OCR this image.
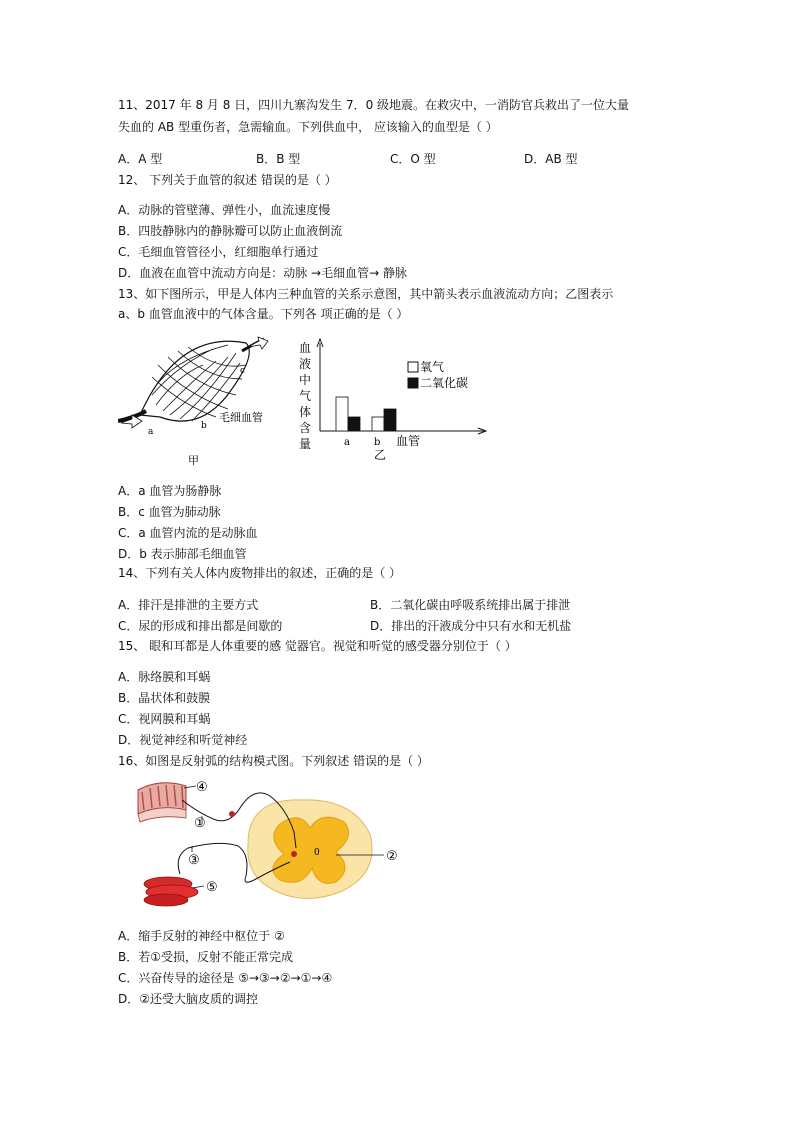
11、2017 年 8 月 8 日，四川九寨沟发生 7．0 级地震。在救灾中，一消防官兵救出了一位大量
失血的 AB 型重伤者，急需输血。下列供血中， 应该输入的血型是（ ）
A．A 型	B．B 型	C．O 型	D．AB 型
12、 下列关于血管的叙述 错误的是（ ）
A．动脉的管壁薄、弹性小，血流速度慢
B．四肢静脉内的静脉瓣可以防止血液倒流
C．毛细血管管径小，红细胞单行通过
D．血液在血管中流动方向是：动脉 →毛细血管→ 静脉
13、如下图所示，甲是人体内三种血管的关系示意图，其中箭头表示血液流动方向；乙图表示
a、b 血管血液中的气体含量。下列各 项正确的是（ ）
a
b
c
毛细血管
甲
血
液
中
气
体
含
量	a b 血管
乙
氧气
二氧化碳
A．a 血管为肠静脉
B．c 血管为肺动脉
C．a 血管内流的是动脉血
D．b 表示肺部毛细血管
14、下列有关人体内废物排出的叙述，正确的是（ ）
A．排汗是排泄的主要方式	B．二氧化碳由呼吸系统排出属于排泄
C．尿的形成和排出都是间歇的	D．排出的汗液成分中只有水和无机盐
15、 眼和耳都是人体重要的感 觉器官。视觉和听觉的感受器分别位于（ ）
A．脉络膜和耳蜗
B．晶状体和鼓膜
C．视网膜和耳蜗
D．视觉神经和听觉神经
16、如图是反射弧的结构模式图。下列叙述 错误的是（ ）
④
0	②
①
③
⑤
A．缩手反射的神经中枢位于 ②
B．若①受损，反射不能正常完成
C．兴奋传导的途径是 ⑤→③→②→①→④
D．②还受大脑皮质的调控
